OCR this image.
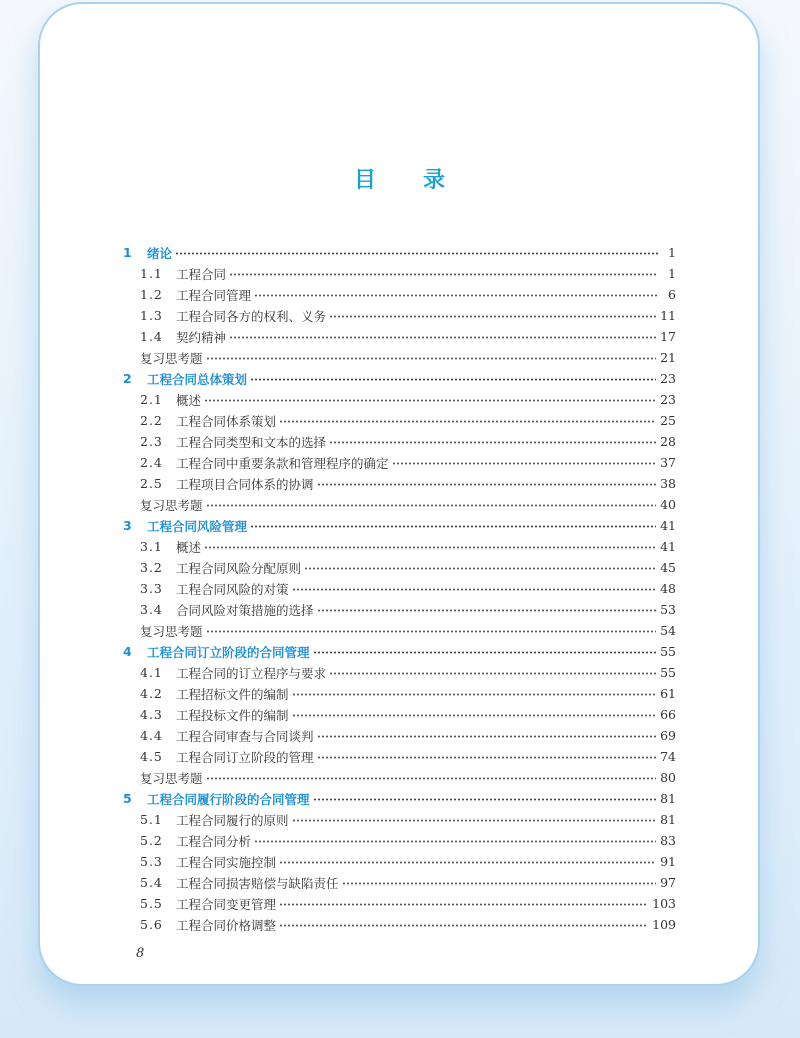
目 录
1	绪论	1
1.1	工程合同	1
1.2	工程合同管理	6
1.3	工程合同各方的权利、义务	11
1.4	契约精神	17
复习思考题	21
2	工程合同总体策划	23
2.1	概述	23
2.2	工程合同体系策划	25
2.3	工程合同类型和文本的选择	28
2.4	工程合同中重要条款和管理程序的确定	37
2.5	工程项目合同体系的协调	38
复习思考题	40
3	工程合同风险管理	41
3.1	概述	41
3.2	工程合同风险分配原则	45
3.3	工程合同风险的对策	48
3.4	合同风险对策措施的选择	53
复习思考题	54
4	工程合同订立阶段的合同管理	55
4.1	工程合同的订立程序与要求	55
4.2	工程招标文件的编制	61
4.3	工程投标文件的编制	66
4.4	工程合同审查与合同谈判	69
4.5	工程合同订立阶段的管理	74
复习思考题	80
5	工程合同履行阶段的合同管理	81
5.1	工程合同履行的原则	81
5.2	工程合同分析	83
5.3	工程合同实施控制	91
5.4	工程合同损害赔偿与缺陷责任	97
5.5	工程合同变更管理	103
5.6	工程合同价格调整	109
8
